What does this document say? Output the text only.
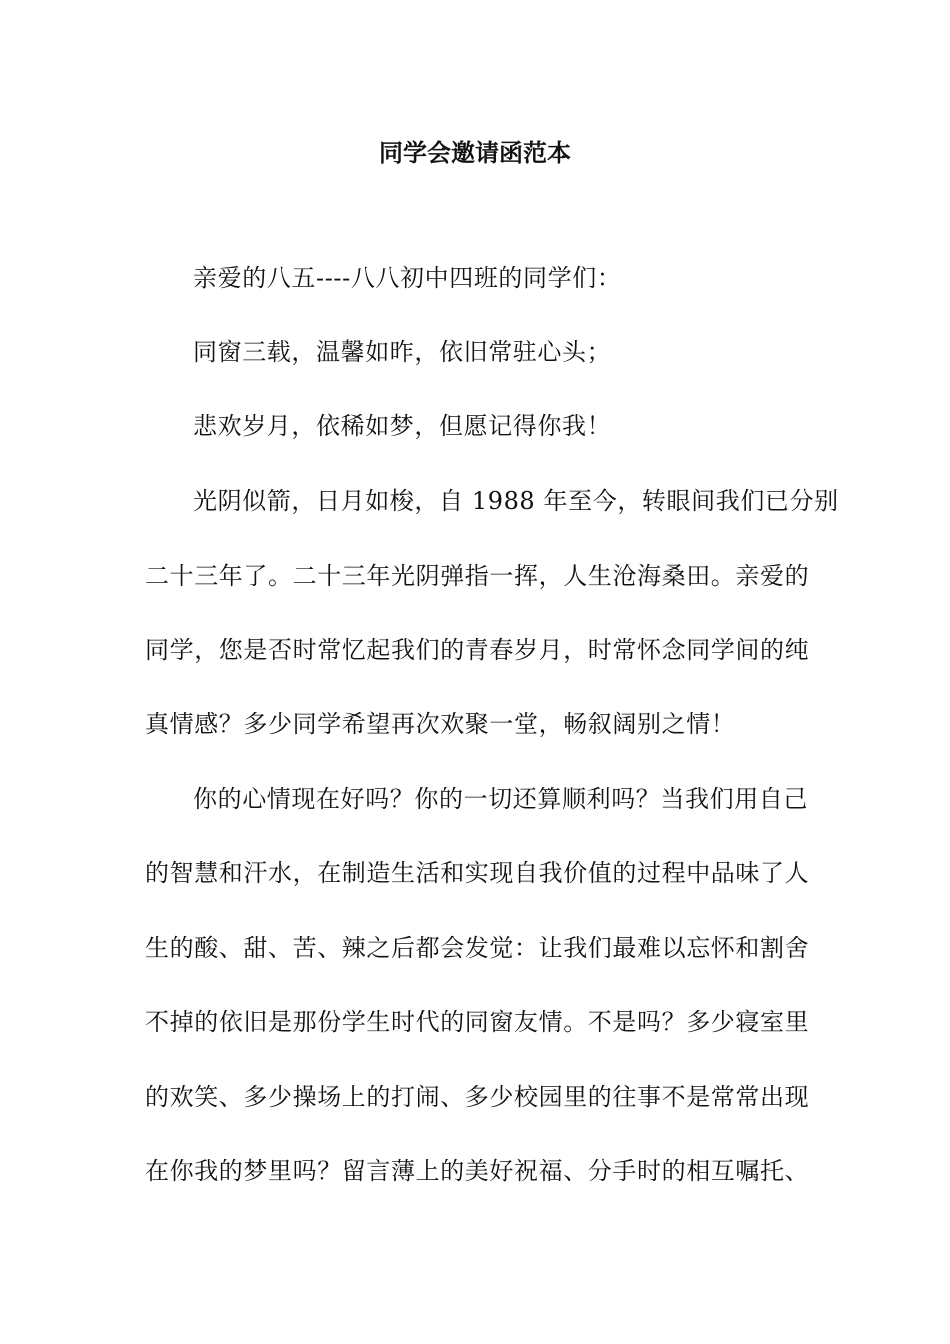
同学会邀请函范本
亲爱的八五----八八初中四班的同学们：
同窗三载，温馨如昨，依旧常驻心头；
悲欢岁月，依稀如梦，但愿记得你我！
光阴似箭，日月如梭，自 1988 年至今，转眼间我们已分别
二十三年了。二十三年光阴弹指一挥，人生沧海桑田。亲爱的
同学，您是否时常忆起我们的青春岁月，时常怀念同学间的纯
真情感？多少同学希望再次欢聚一堂，畅叙阔别之情！
你的心情现在好吗？你的一切还算顺利吗？当我们用自己
的智慧和汗水，在制造生活和实现自我价值的过程中品味了人
生的酸、甜、苦、辣之后都会发觉：让我们最难以忘怀和割舍
不掉的依旧是那份学生时代的同窗友情。不是吗？多少寝室里
的欢笑、多少操场上的打闹、多少校园里的往事不是常常出现
在你我的梦里吗？留言薄上的美好祝福、分手时的相互嘱托、
